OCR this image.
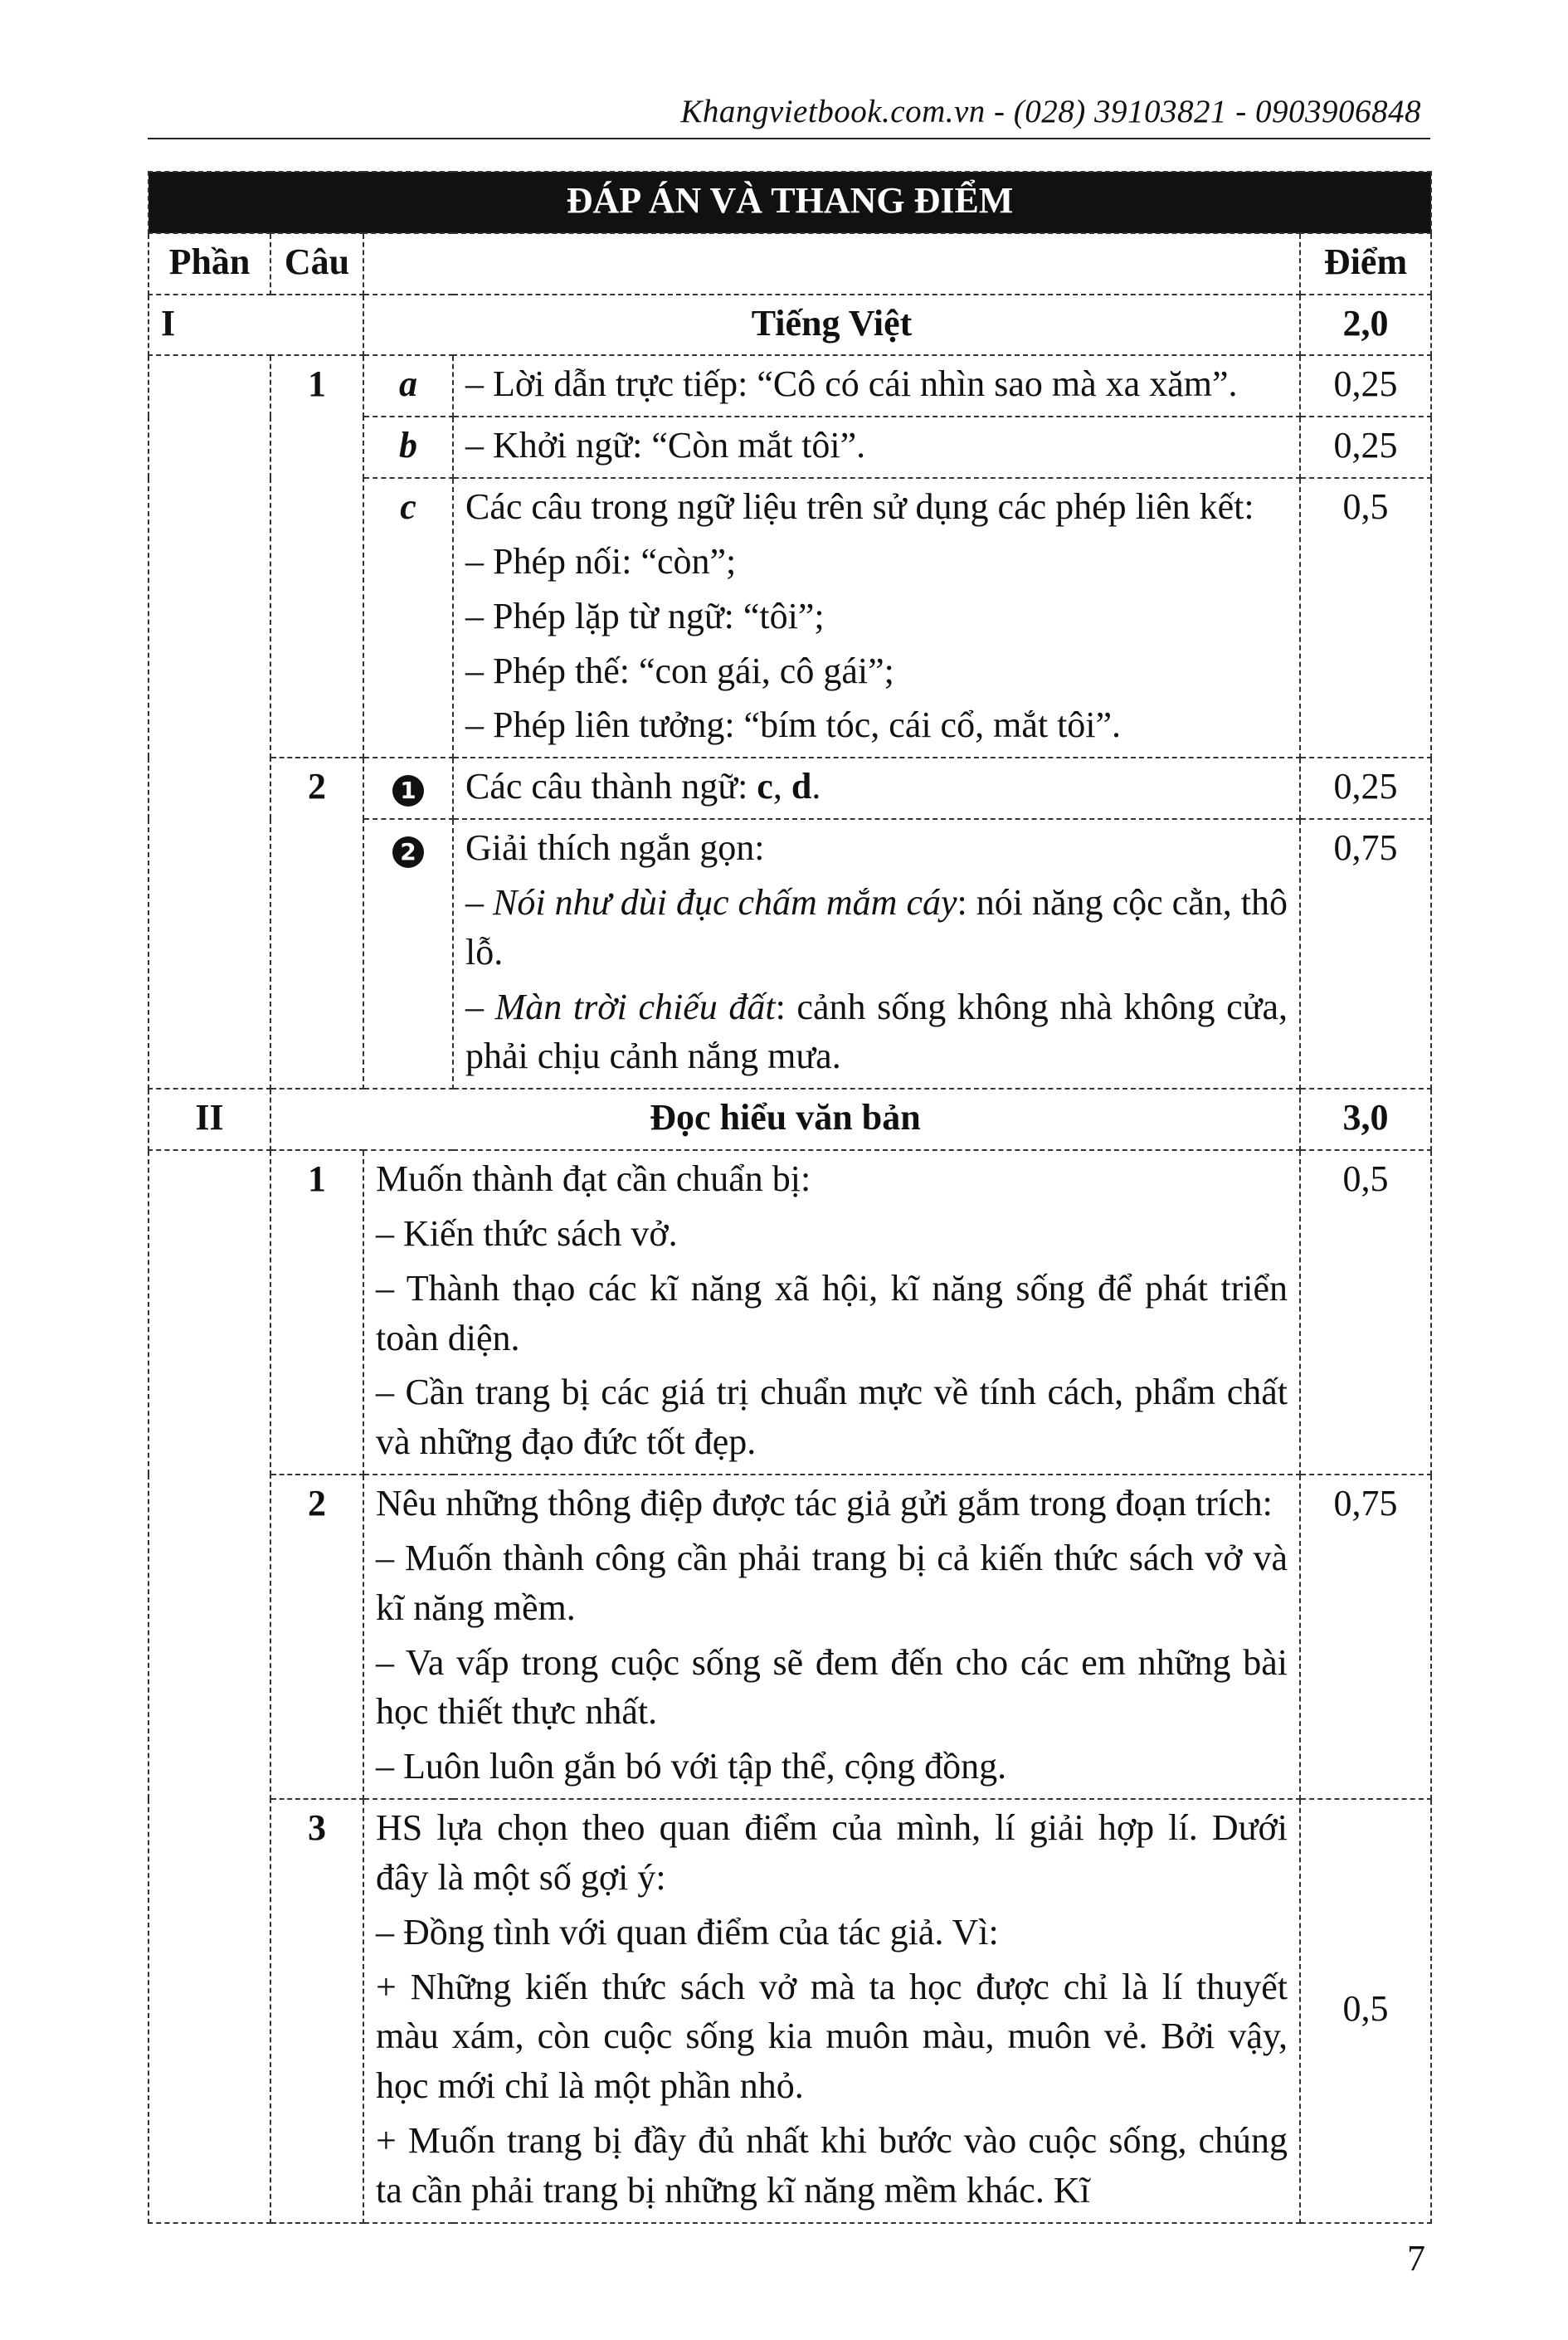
Khangvietbook.com.vn - (028) 39103821 - 0903906848
ĐÁP ÁN VÀ THANG ĐIỂM				
Phần	Câu			Điểm
I		Tiếng Việt		2,0
	1	a	– Lời dẫn trực tiếp: “Cô có cái nhìn sao mà xa xăm”.	0,25
		b	– Khởi ngữ: “Còn mắt tôi”.	0,25
		c	Các câu trong ngữ liệu trên sử dụng các phép liên kết:
– Phép nối: “còn”;
– Phép lặp từ ngữ: “tôi”;
– Phép thế: “con gái, cô gái”;
– Phép liên tưởng: “bím tóc, cái cổ, mắt tôi”.	0,5
	2	1	Các câu thành ngữ: c, d.	0,25
		2	Giải thích ngắn gọn:
– Nói như dùi đục chấm mắm cáy: nói năng cộc cằn, thô lỗ.
– Màn trời chiếu đất: cảnh sống không nhà không cửa, phải chịu cảnh nắng mưa.	0,75
II	Đọc hiểu văn bản			3,0
	1	Muốn thành đạt cần chuẩn bị:
– Kiến thức sách vở.
– Thành thạo các kĩ năng xã hội, kĩ năng sống để phát triển toàn diện.
– Cần trang bị các giá trị chuẩn mực về tính cách, phẩm chất và những đạo đức tốt đẹp.		0,5
	2	Nêu những thông điệp được tác giả gửi gắm trong đoạn trích:
– Muốn thành công cần phải trang bị cả kiến thức sách vở và kĩ năng mềm.
– Va vấp trong cuộc sống sẽ đem đến cho các em những bài học thiết thực nhất.
– Luôn luôn gắn bó với tập thể, cộng đồng.		0,75
	3	HS lựa chọn theo quan điểm của mình, lí giải hợp lí. Dưới đây là một số gợi ý:
– Đồng tình với quan điểm của tác giả. Vì:
+ Những kiến thức sách vở mà ta học được chỉ là lí thuyết màu xám, còn cuộc sống kia muôn màu, muôn vẻ. Bởi vậy, học mới chỉ là một phần nhỏ.
+ Muốn trang bị đầy đủ nhất khi bước vào cuộc sống, chúng ta cần phải trang bị những kĩ năng mềm khác. Kĩ		0,5
7
